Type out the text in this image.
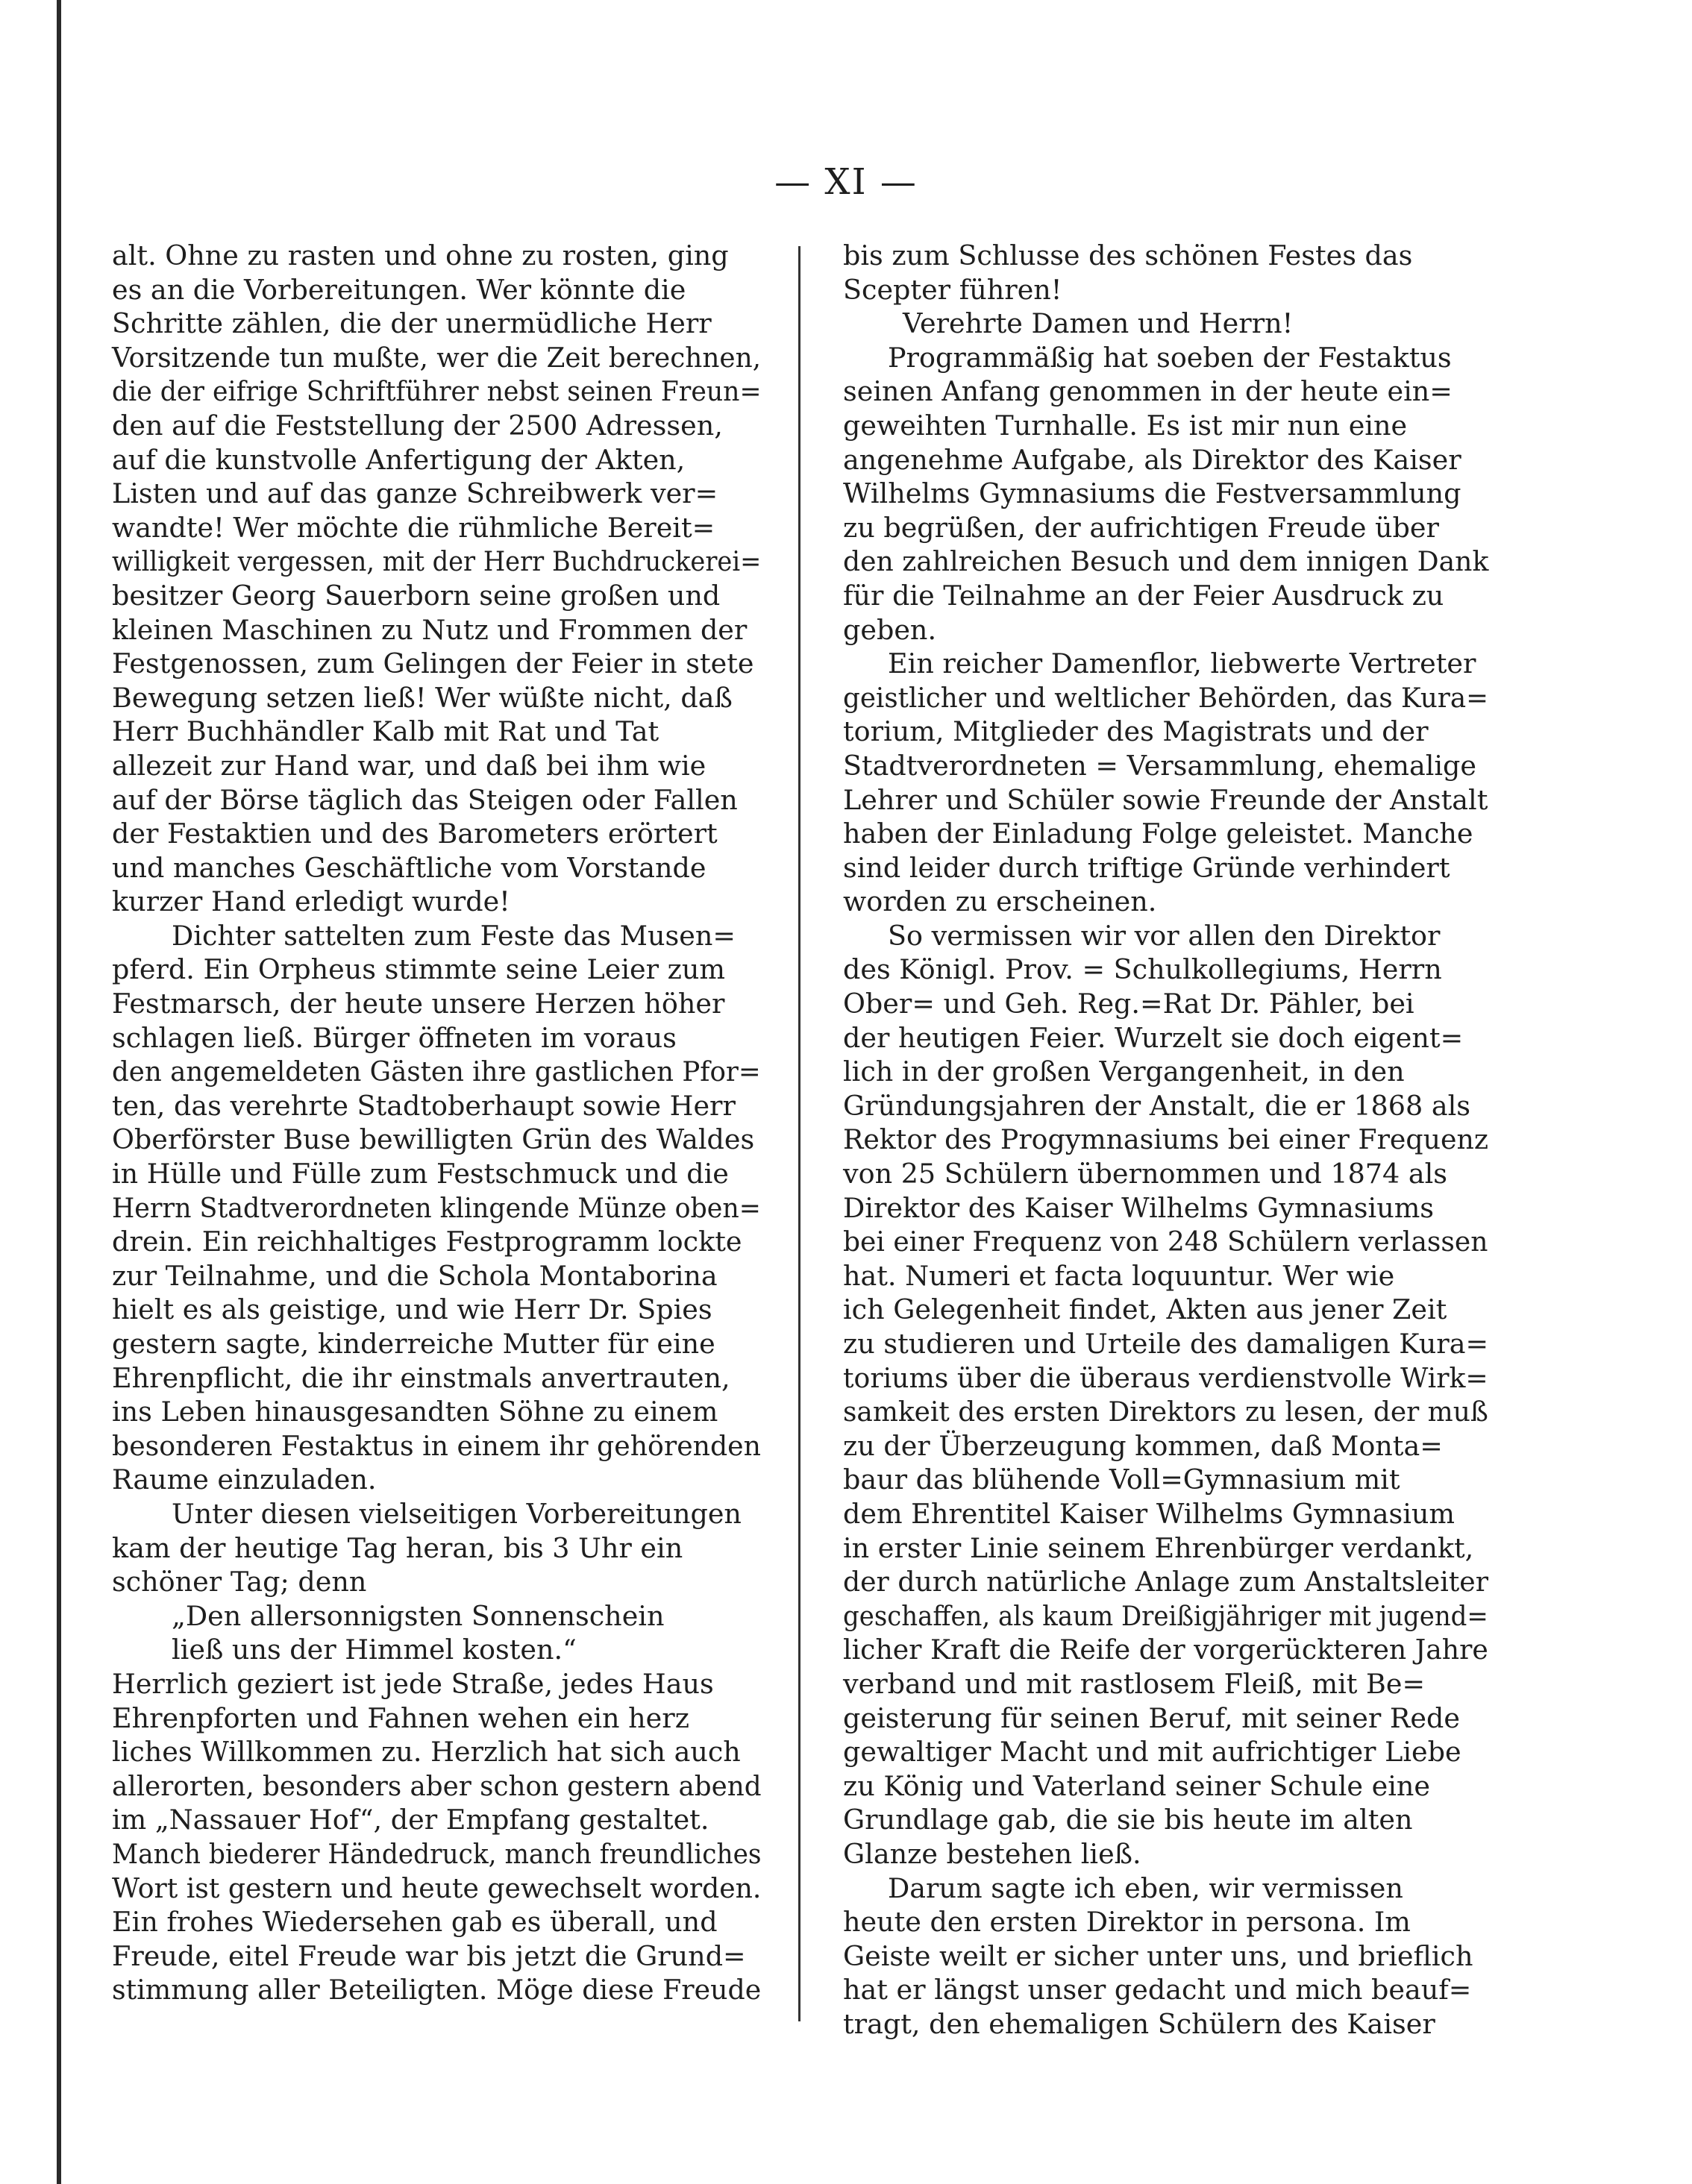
— XI —
alt. Ohne zu rasten und ohne zu rosten, ging
es an die Vorbereitungen. Wer könnte die
Schritte zählen, die der unermüdliche Herr
Vorsitzende tun mußte, wer die Zeit berechnen,
die der eifrige Schriftführer nebst seinen Freun=
den auf die Feststellung der 2500 Adressen,
auf die kunstvolle Anfertigung der Akten,
Listen und auf das ganze Schreibwerk ver=
wandte! Wer möchte die rühmliche Bereit=
willigkeit vergessen, mit der Herr Buchdruckerei=
besitzer Georg Sauerborn seine großen und
kleinen Maschinen zu Nutz und Frommen der
Festgenossen, zum Gelingen der Feier in stete
Bewegung setzen ließ! Wer wüßte nicht, daß
Herr Buchhändler Kalb mit Rat und Tat
allezeit zur Hand war, und daß bei ihm wie
auf der Börse täglich das Steigen oder Fallen
der Festaktien und des Barometers erörtert
und manches Geschäftliche vom Vorstande
kurzer Hand erledigt wurde!
Dichter sattelten zum Feste das Musen=
pferd. Ein Orpheus stimmte seine Leier zum
Festmarsch, der heute unsere Herzen höher
schlagen ließ. Bürger öffneten im voraus
den angemeldeten Gästen ihre gastlichen Pfor=
ten, das verehrte Stadtoberhaupt sowie Herr
Oberförster Buse bewilligten Grün des Waldes
in Hülle und Fülle zum Festschmuck und die
Herrn Stadtverordneten klingende Münze oben=
drein. Ein reichhaltiges Festprogramm lockte
zur Teilnahme, und die Schola Montaborina
hielt es als geistige, und wie Herr Dr. Spies
gestern sagte, kinderreiche Mutter für eine
Ehrenpflicht, die ihr einstmals anvertrauten,
ins Leben hinausgesandten Söhne zu einem
besonderen Festaktus in einem ihr gehörenden
Raume einzuladen.
Unter diesen vielseitigen Vorbereitungen
kam der heutige Tag heran, bis 3 Uhr ein
schöner Tag; denn
„Den allersonnigsten Sonnenschein
ließ uns der Himmel kosten.“
Herrlich geziert ist jede Straße, jedes Haus
Ehrenpforten und Fahnen wehen ein herz
liches Willkommen zu. Herzlich hat sich auch
allerorten, besonders aber schon gestern abend
im „Nassauer Hof“, der Empfang gestaltet.
Manch biederer Händedruck, manch freundliches
Wort ist gestern und heute gewechselt worden.
Ein frohes Wiedersehen gab es überall, und
Freude, eitel Freude war bis jetzt die Grund=
stimmung aller Beteiligten. Möge diese Freude
bis zum Schlusse des schönen Festes das
Scepter führen!
Verehrte Damen und Herrn!
Programmäßig hat soeben der Festaktus
seinen Anfang genommen in der heute ein=
geweihten Turnhalle. Es ist mir nun eine
angenehme Aufgabe, als Direktor des Kaiser
Wilhelms Gymnasiums die Festversammlung
zu begrüßen, der aufrichtigen Freude über
den zahlreichen Besuch und dem innigen Dank
für die Teilnahme an der Feier Ausdruck zu
geben.
Ein reicher Damenflor, liebwerte Vertreter
geistlicher und weltlicher Behörden, das Kura=
torium, Mitglieder des Magistrats und der
Stadtverordneten = Versammlung, ehemalige
Lehrer und Schüler sowie Freunde der Anstalt
haben der Einladung Folge geleistet. Manche
sind leider durch triftige Gründe verhindert
worden zu erscheinen.
So vermissen wir vor allen den Direktor
des Königl. Prov. = Schulkollegiums, Herrn
Ober= und Geh. Reg.=Rat Dr. Pähler, bei
der heutigen Feier. Wurzelt sie doch eigent=
lich in der großen Vergangenheit, in den
Gründungsjahren der Anstalt, die er 1868 als
Rektor des Progymnasiums bei einer Frequenz
von 25 Schülern übernommen und 1874 als
Direktor des Kaiser Wilhelms Gymnasiums
bei einer Frequenz von 248 Schülern verlassen
hat. Numeri et facta loquuntur. Wer wie
ich Gelegenheit findet, Akten aus jener Zeit
zu studieren und Urteile des damaligen Kura=
toriums über die überaus verdienstvolle Wirk=
samkeit des ersten Direktors zu lesen, der muß
zu der Überzeugung kommen, daß Monta=
baur das blühende Voll=Gymnasium mit
dem Ehrentitel Kaiser Wilhelms Gymnasium
in erster Linie seinem Ehrenbürger verdankt,
der durch natürliche Anlage zum Anstaltsleiter
geschaffen, als kaum Dreißigjähriger mit jugend=
licher Kraft die Reife der vorgerückteren Jahre
verband und mit rastlosem Fleiß, mit Be=
geisterung für seinen Beruf, mit seiner Rede
gewaltiger Macht und mit aufrichtiger Liebe
zu König und Vaterland seiner Schule eine
Grundlage gab, die sie bis heute im alten
Glanze bestehen ließ.
Darum sagte ich eben, wir vermissen
heute den ersten Direktor in persona. Im
Geiste weilt er sicher unter uns, und brieflich
hat er längst unser gedacht und mich beauf=
tragt, den ehemaligen Schülern des Kaiser
